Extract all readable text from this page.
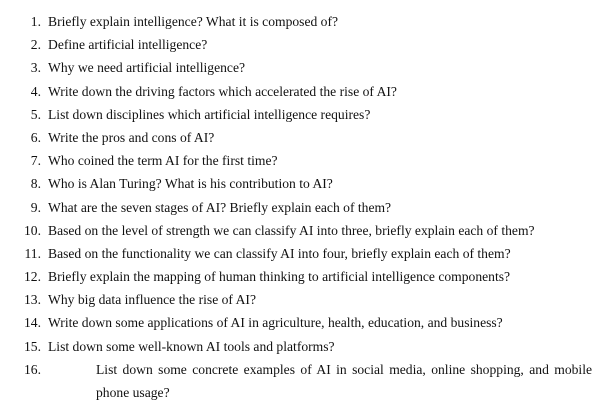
1. Briefly explain intelligence? What it is composed of?
2. Define artificial intelligence?
3. Why we need artificial intelligence?
4. Write down the driving factors which accelerated the rise of AI?
5. List down disciplines which artificial intelligence requires?
6. Write the pros and cons of AI?
7. Who coined the term AI for the first time?
8. Who is Alan Turing? What is his contribution to AI?
9. What are the seven stages of AI? Briefly explain each of them?
10. Based on the level of strength we can classify AI into three, briefly explain each of them?
11. Based on the functionality we can classify AI into four, briefly explain each of them?
12. Briefly explain the mapping of human thinking to artificial intelligence components?
13. Why big data influence the rise of AI?
14. Write down some applications of AI in agriculture, health, education, and business?
15. List down some well-known AI tools and platforms?
16.	List down some concrete examples of AI in social media, online shopping, and mobile
phone usage?
